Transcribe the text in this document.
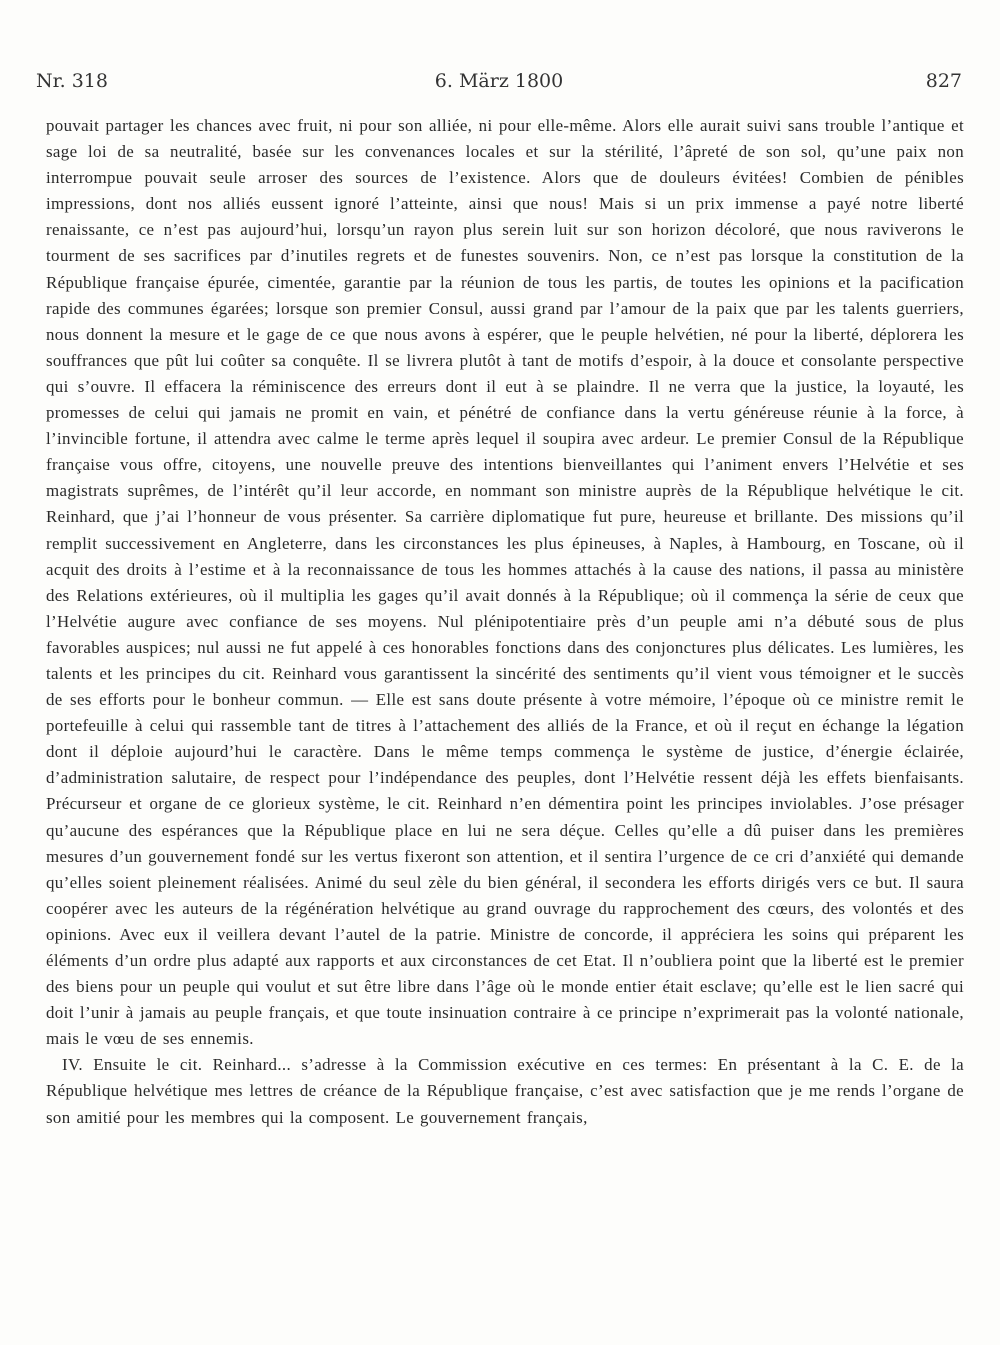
Nr. 318	6. März 1800	827

pouvait partager les chances avec fruit, ni pour son alliée, ni pour elle-même. Alors elle aurait suivi sans trouble l’antique et sage loi de sa neutralité, basée sur les convenances locales et sur la stérilité, l’âpreté de son sol, qu’une paix non interrompue pouvait seule arroser des sources de l’existence. Alors que de douleurs évitées! Combien de pénibles impressions, dont nos alliés eussent ignoré l’atteinte, ainsi que nous! Mais si un prix immense a payé notre liberté renaissante, ce n’est pas aujourd’hui, lorsqu’un rayon plus serein luit sur son horizon décoloré, que nous raviverons le tourment de ses sacrifices par d’inutiles regrets et de funestes souvenirs. Non, ce n’est pas lorsque la constitution de la République française épurée, cimentée, garantie par la réunion de tous les partis, de toutes les opinions et la pacification rapide des communes égarées; lorsque son premier Consul, aussi grand par l’amour de la paix que par les talents guerriers, nous donnent la mesure et le gage de ce que nous avons à espérer, que le peuple helvétien, né pour la liberté, déplorera les souffrances que pût lui coûter sa conquête. Il se livrera plutôt à tant de motifs d’espoir, à la douce et consolante perspective qui s’ouvre. Il effacera la réminiscence des erreurs dont il eut à se plaindre. Il ne verra que la justice, la loyauté, les promesses de celui qui jamais ne promit en vain, et pénétré de confiance dans la vertu généreuse réunie à la force, à l’invincible fortune, il attendra avec calme le terme après lequel il soupira avec ardeur. Le premier Consul de la République française vous offre, citoyens, une nouvelle preuve des intentions bienveillantes qui l’animent envers l’Helvétie et ses magistrats suprêmes, de l’intérêt qu’il leur accorde, en nommant son ministre auprès de la République helvétique le cit. Reinhard, que j’ai l’honneur de vous présenter. Sa carrière diplomatique fut pure, heureuse et brillante. Des missions qu’il remplit successivement en Angleterre, dans les circonstances les plus épineuses, à Naples, à Hambourg, en Toscane, où il acquit des droits à l’estime et à la reconnaissance de tous les hommes attachés à la cause des nations, il passa au ministère des Relations extérieures, où il multiplia les gages qu’il avait donnés à la République; où il commença la série de ceux que l’Helvétie augure avec confiance de ses moyens. Nul plénipotentiaire près d’un peuple ami n’a débuté sous de plus favorables auspices; nul aussi ne fut appelé à ces honorables fonctions dans des conjonctures plus délicates. Les lumières, les talents et les principes du cit. Reinhard vous garantissent la sincérité des sentiments qu’il vient vous témoigner et le succès de ses efforts pour le bonheur commun. — Elle est sans doute présente à votre mémoire, l’époque où ce ministre remit le portefeuille à celui qui rassemble tant de titres à l’attachement des alliés de la France, et où il reçut en échange la légation dont il déploie aujourd’hui le caractère. Dans le même temps commença le système de justice, d’énergie éclairée, d’administration salutaire, de respect pour l’indépendance des peuples, dont l’Helvétie ressent déjà les effets bienfaisants. Précurseur et organe de ce glorieux système, le cit. Reinhard n’en démentira point les principes inviolables. J’ose présager qu’aucune des espérances que la République place en lui ne sera déçue. Celles qu’elle a dû puiser dans les premières mesures d’un gouvernement fondé sur les vertus fixeront son attention, et il sentira l’urgence de ce cri d’anxiété qui demande qu’elles soient pleinement réalisées. Animé du seul zèle du bien général, il secondera les efforts dirigés vers ce but. Il saura coopérer avec les auteurs de la régénération helvétique au grand ouvrage du rapprochement des cœurs, des volontés et des opinions. Avec eux il veillera devant l’autel de la patrie. Ministre de concorde, il appréciera les soins qui préparent les éléments d’un ordre plus adapté aux rapports et aux circonstances de cet Etat. Il n’oubliera point que la liberté est le premier des biens pour un peuple qui voulut et sut être libre dans l’âge où le monde entier était esclave; qu’elle est le lien sacré qui doit l’unir à jamais au peuple français, et que toute insinuation contraire à ce principe n’exprimerait pas la volonté nationale, mais le vœu de ses ennemis.

IV. Ensuite le cit. Reinhard... s’adresse à la Commission exécutive en ces termes: En présentant à la C. E. de la République helvétique mes lettres de créance de la République française, c’est avec satisfaction que je me rends l’organe de son amitié pour les membres qui la composent. Le gouvernement français,
